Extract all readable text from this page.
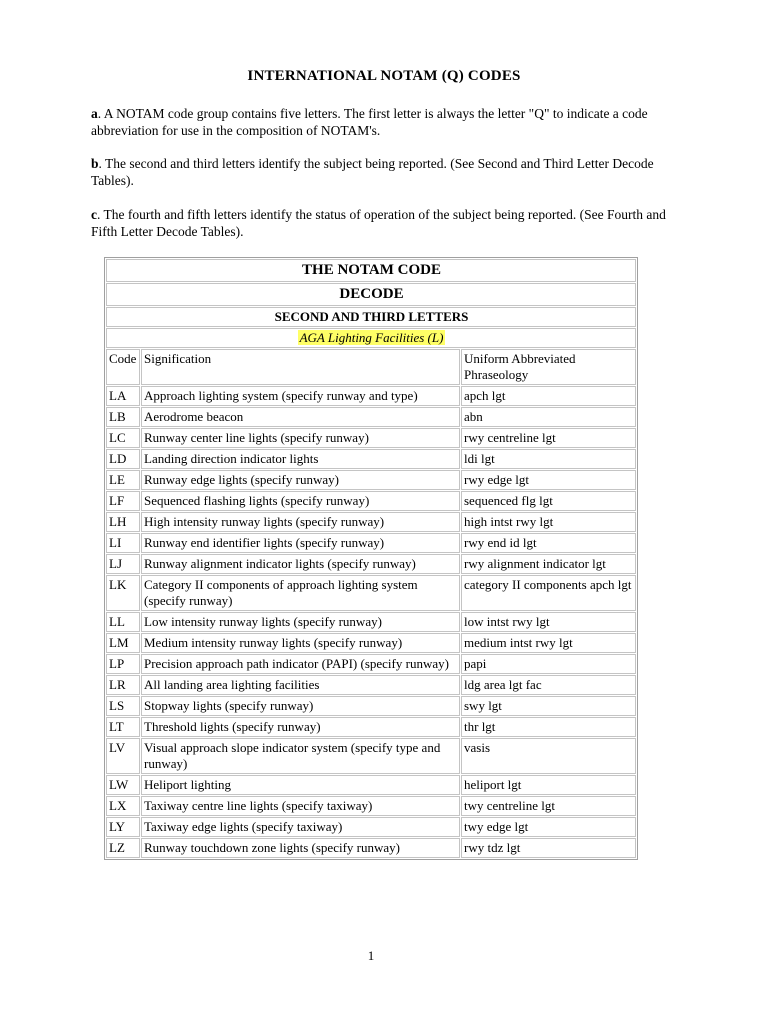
INTERNATIONAL NOTAM (Q) CODES
a. A NOTAM code group contains five letters. The first letter is always the letter "Q" to indicate a code abbreviation for use in the composition of NOTAM's.
b. The second and third letters identify the subject being reported. (See Second and Third Letter Decode Tables).
c. The fourth and fifth letters identify the status of operation of the subject being reported. (See Fourth and Fifth Letter Decode Tables).
THE NOTAM CODE		
DECODE		
SECOND AND THIRD LETTERS		
AGA Lighting Facilities (L)		
Code	Signification	Uniform Abbreviated Phraseology
LA	Approach lighting system (specify runway and type)	apch lgt
LB	Aerodrome beacon	abn
LC	Runway center line lights (specify runway)	rwy centreline lgt
LD	Landing direction indicator lights	ldi lgt
LE	Runway edge lights (specify runway)	rwy edge lgt
LF	Sequenced flashing lights (specify runway)	sequenced flg lgt
LH	High intensity runway lights (specify runway)	high intst rwy lgt
LI	Runway end identifier lights (specify runway)	rwy end id lgt
LJ	Runway alignment indicator lights (specify runway)	rwy alignment indicator lgt
LK	Category II components of approach lighting system (specify runway)	category II components apch lgt
LL	Low intensity runway lights (specify runway)	low intst rwy lgt
LM	Medium intensity runway lights (specify runway)	medium intst rwy lgt
LP	Precision approach path indicator (PAPI) (specify runway)	papi
LR	All landing area lighting facilities	ldg area lgt fac
LS	Stopway lights (specify runway)	swy lgt
LT	Threshold lights (specify runway)	thr lgt
LV	Visual approach slope indicator system (specify type and runway)	vasis
LW	Heliport lighting	heliport lgt
LX	Taxiway centre line lights (specify taxiway)	twy centreline lgt
LY	Taxiway edge lights (specify taxiway)	twy edge lgt
LZ	Runway touchdown zone lights (specify runway)	rwy tdz lgt
1
